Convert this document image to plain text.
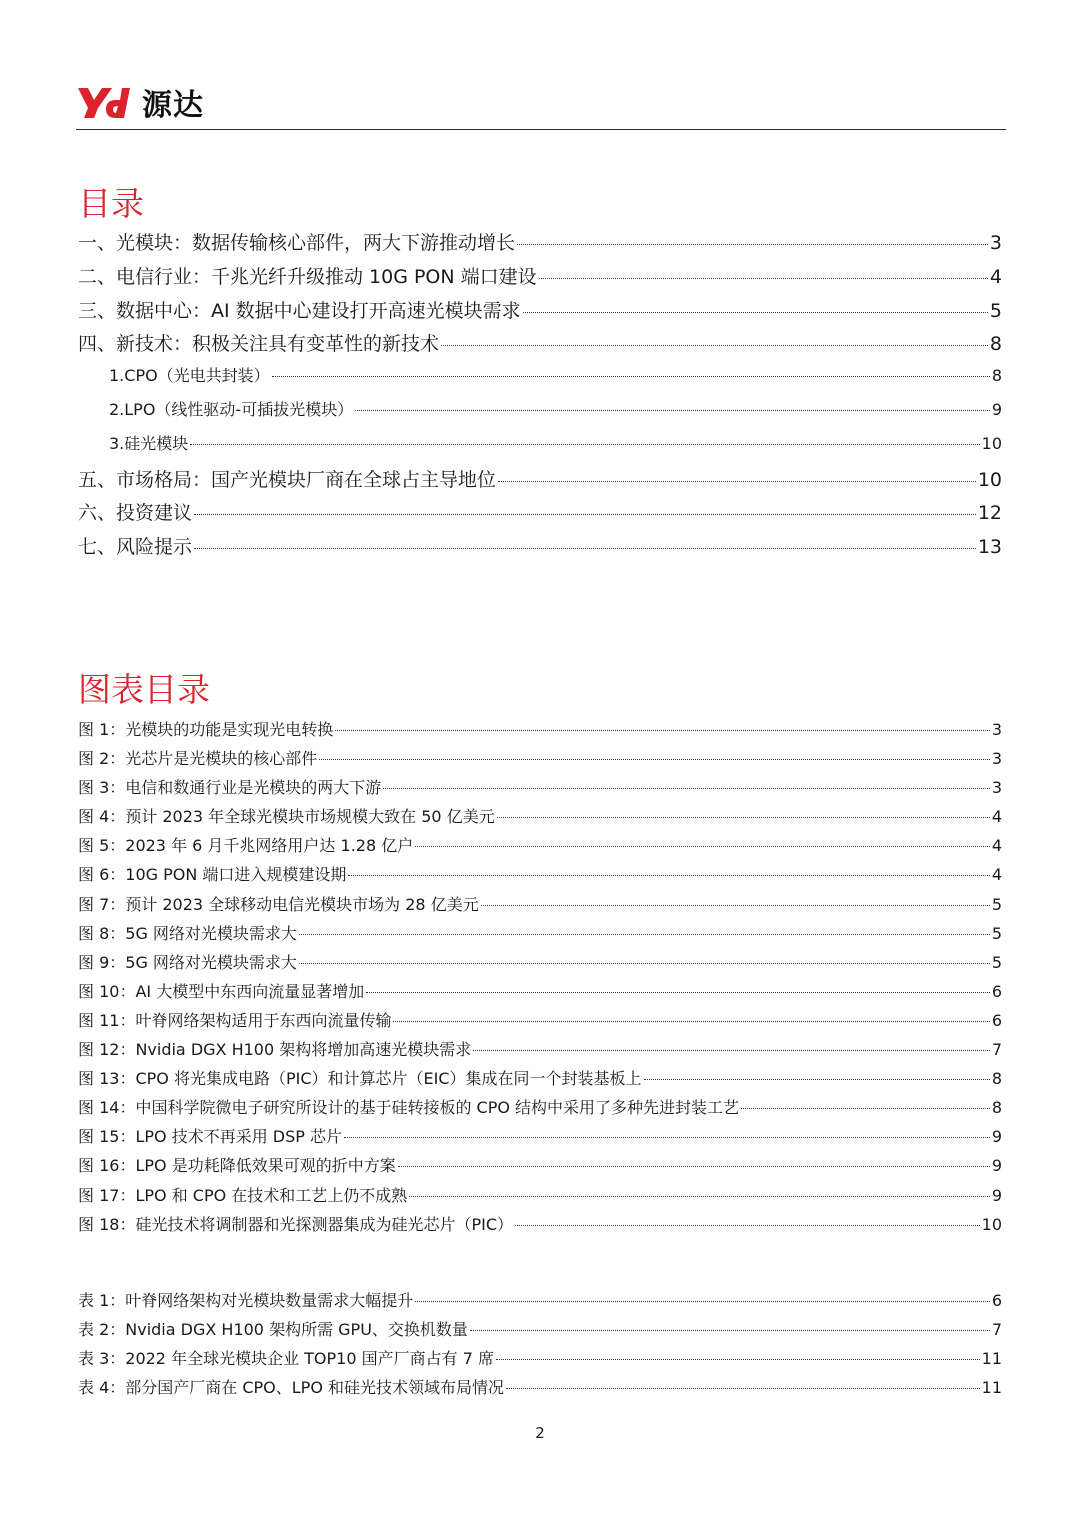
源达
目录
一、光模块：数据传输核心部件，两大下游推动增长	3
二、电信行业：千兆光纤升级推动 10G PON 端口建设	4
三、数据中心：AI 数据中心建设打开高速光模块需求	5
四、新技术：积极关注具有变革性的新技术	8
1.CPO（光电共封装）	8
2.LPO（线性驱动-可插拔光模块）	9
3.硅光模块	10
五、市场格局：国产光模块厂商在全球占主导地位	10
六、投资建议	12
七、风险提示	13
图表目录
图 1：光模块的功能是实现光电转换	3
图 2：光芯片是光模块的核心部件	3
图 3：电信和数通行业是光模块的两大下游	3
图 4：预计 2023 年全球光模块市场规模大致在 50 亿美元	4
图 5：2023 年 6 月千兆网络用户达 1.28 亿户	4
图 6：10G PON 端口进入规模建设期	4
图 7：预计 2023 全球移动电信光模块市场为 28 亿美元	5
图 8：5G 网络对光模块需求大	5
图 9：5G 网络对光模块需求大	5
图 10：AI 大模型中东西向流量显著增加	6
图 11：叶脊网络架构适用于东西向流量传输	6
图 12：Nvidia DGX H100 架构将增加高速光模块需求	7
图 13：CPO 将光集成电路（PIC）和计算芯片（EIC）集成在同一个封装基板上	8
图 14：中国科学院微电子研究所设计的基于硅转接板的 CPO 结构中采用了多种先进封装工艺	8
图 15：LPO 技术不再采用 DSP 芯片	9
图 16：LPO 是功耗降低效果可观的折中方案	9
图 17：LPO 和 CPO 在技术和工艺上仍不成熟	9
图 18：硅光技术将调制器和光探测器集成为硅光芯片（PIC）	10
表 1：叶脊网络架构对光模块数量需求大幅提升	6
表 2：Nvidia DGX H100 架构所需 GPU、交换机数量	7
表 3：2022 年全球光模块企业 TOP10 国产厂商占有 7 席	11
表 4：部分国产厂商在 CPO、LPO 和硅光技术领域布局情况	11
2
